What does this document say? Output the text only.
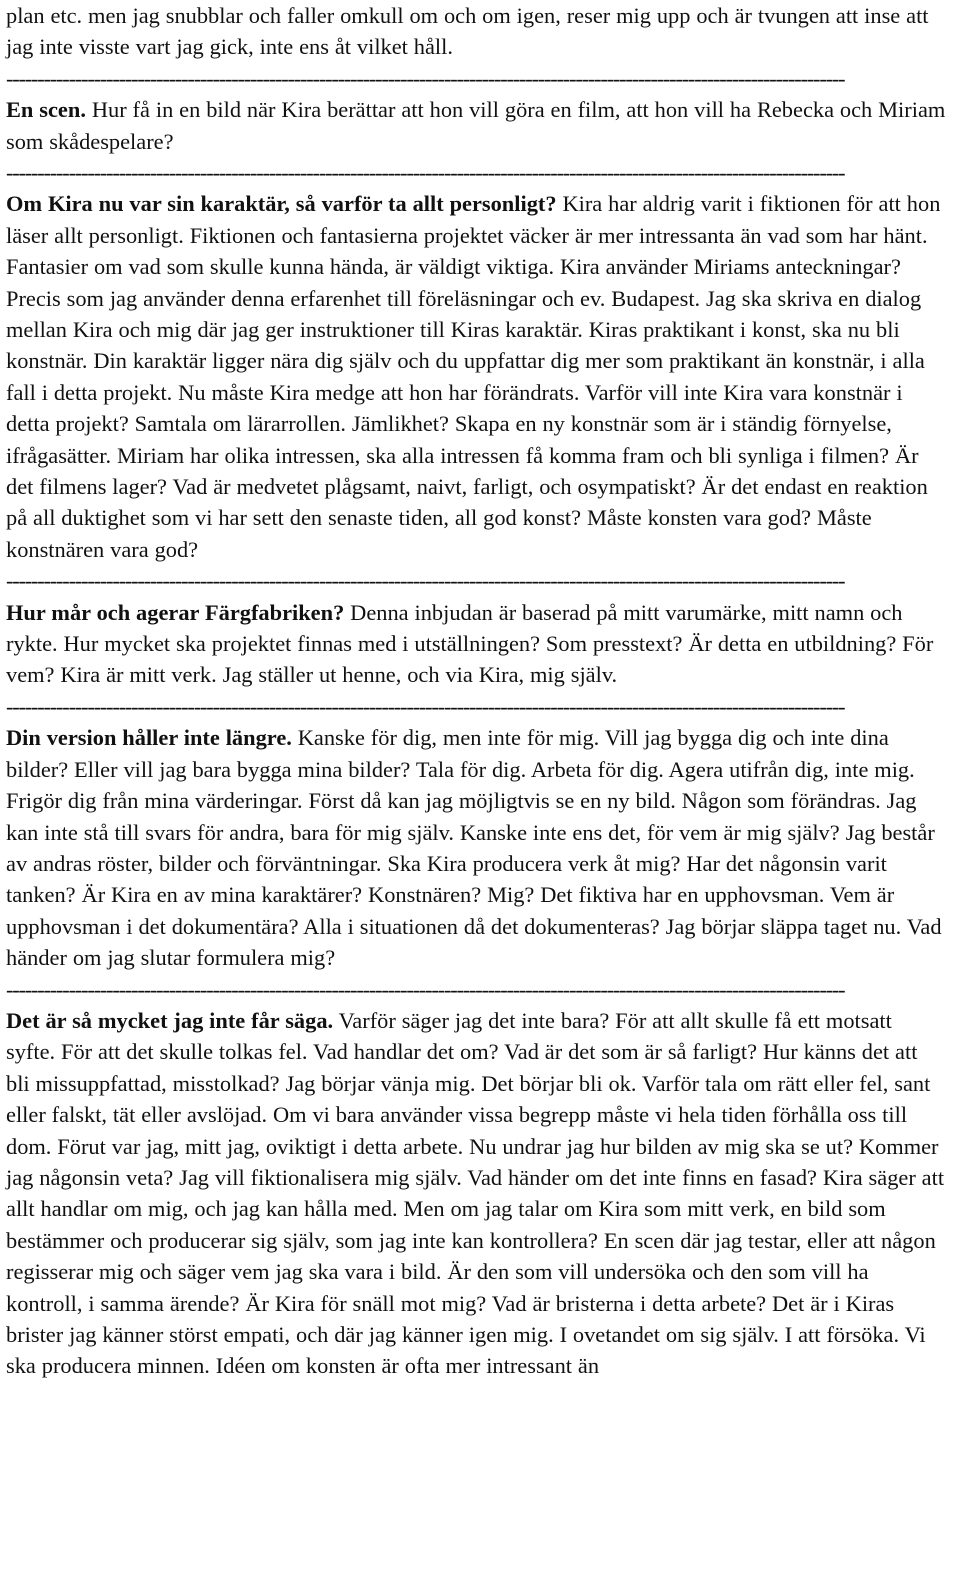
plan etc. men jag snubblar och faller omkull om och om igen, reser mig upp och är tvungen att inse att jag inte visste vart jag gick, inte ens åt vilket håll.

--------------------------------------------------------------------------------------------------------------------------------------

En scen. Hur få in en bild när Kira berättar att hon vill göra en film, att hon vill ha Rebecka och Miriam som skådespelare?

--------------------------------------------------------------------------------------------------------------------------------------

Om Kira nu var sin karaktär, så varför ta allt personligt? Kira har aldrig varit i fiktionen för att hon läser allt personligt. Fiktionen och fantasierna projektet väcker är mer intressanta än vad som har hänt. Fantasier om vad som skulle kunna hända, är väldigt viktiga. Kira använder Miriams anteckningar? Precis som jag använder denna erfarenhet till föreläsningar och ev. Budapest. Jag ska skriva en dialog mellan Kira och mig där jag ger instruktioner till Kiras karaktär. Kiras praktikant i konst, ska nu bli konstnär. Din karaktär ligger nära dig själv och du uppfattar dig mer som praktikant än konstnär, i alla fall i detta projekt. Nu måste Kira medge att hon har förändrats. Varför vill inte Kira vara konstnär i detta projekt? Samtala om lärarrollen. Jämlikhet? Skapa en ny konstnär som är i ständig förnyelse, ifrågasätter. Miriam har olika intressen, ska alla intressen få komma fram och bli synliga i filmen? Är det filmens lager? Vad är medvetet plågsamt, naivt, farligt, och osympatiskt? Är det endast en reaktion på all duktighet som vi har sett den senaste tiden, all god konst? Måste konsten vara god? Måste konstnären vara god?

--------------------------------------------------------------------------------------------------------------------------------------

Hur mår och agerar Färgfabriken? Denna inbjudan är baserad på mitt varumärke, mitt namn och rykte. Hur mycket ska projektet finnas med i utställningen? Som presstext? Är detta en utbildning? För vem? Kira är mitt verk. Jag ställer ut henne, och via Kira, mig själv.

--------------------------------------------------------------------------------------------------------------------------------------

Din version håller inte längre. Kanske för dig, men inte för mig. Vill jag bygga dig och inte dina bilder? Eller vill jag bara bygga mina bilder? Tala för dig. Arbeta för dig. Agera utifrån dig, inte mig. Frigör dig från mina värderingar. Först då kan jag möjligtvis se en ny bild. Någon som förändras. Jag kan inte stå till svars för andra, bara för mig själv. Kanske inte ens det, för vem är mig själv? Jag består av andras röster, bilder och förväntningar. Ska Kira producera verk åt mig? Har det någonsin varit tanken? Är Kira en av mina karaktärer? Konstnären? Mig? Det fiktiva har en upphovsman. Vem är upphovsman i det dokumentära? Alla i situationen då det dokumenteras? Jag börjar släppa taget nu. Vad händer om jag slutar formulera mig?

--------------------------------------------------------------------------------------------------------------------------------------

Det är så mycket jag inte får säga. Varför säger jag det inte bara? För att allt skulle få ett motsatt syfte. För att det skulle tolkas fel. Vad handlar det om? Vad är det som är så farligt? Hur känns det att bli missuppfattad, misstolkad? Jag börjar vänja mig. Det börjar bli ok. Varför tala om rätt eller fel, sant eller falskt, tät eller avslöjad. Om vi bara använder vissa begrepp måste vi hela tiden förhålla oss till dom. Förut var jag, mitt jag, oviktigt i detta arbete. Nu undrar jag hur bilden av mig ska se ut? Kommer jag någonsin veta? Jag vill fiktionalisera mig själv. Vad händer om det inte finns en fasad? Kira säger att allt handlar om mig, och jag kan hålla med. Men om jag talar om Kira som mitt verk, en bild som bestämmer och producerar sig själv, som jag inte kan kontrollera? En scen där jag testar, eller att någon regisserar mig och säger vem jag ska vara i bild. Är den som vill undersöka och den som vill ha kontroll, i samma ärende? Är Kira för snäll mot mig? Vad är bristerna i detta arbete? Det är i Kiras brister jag känner störst empati, och där jag känner igen mig. I ovetandet om sig själv. I att försöka. Vi ska producera minnen. Idéen om konsten är ofta mer intressant än
